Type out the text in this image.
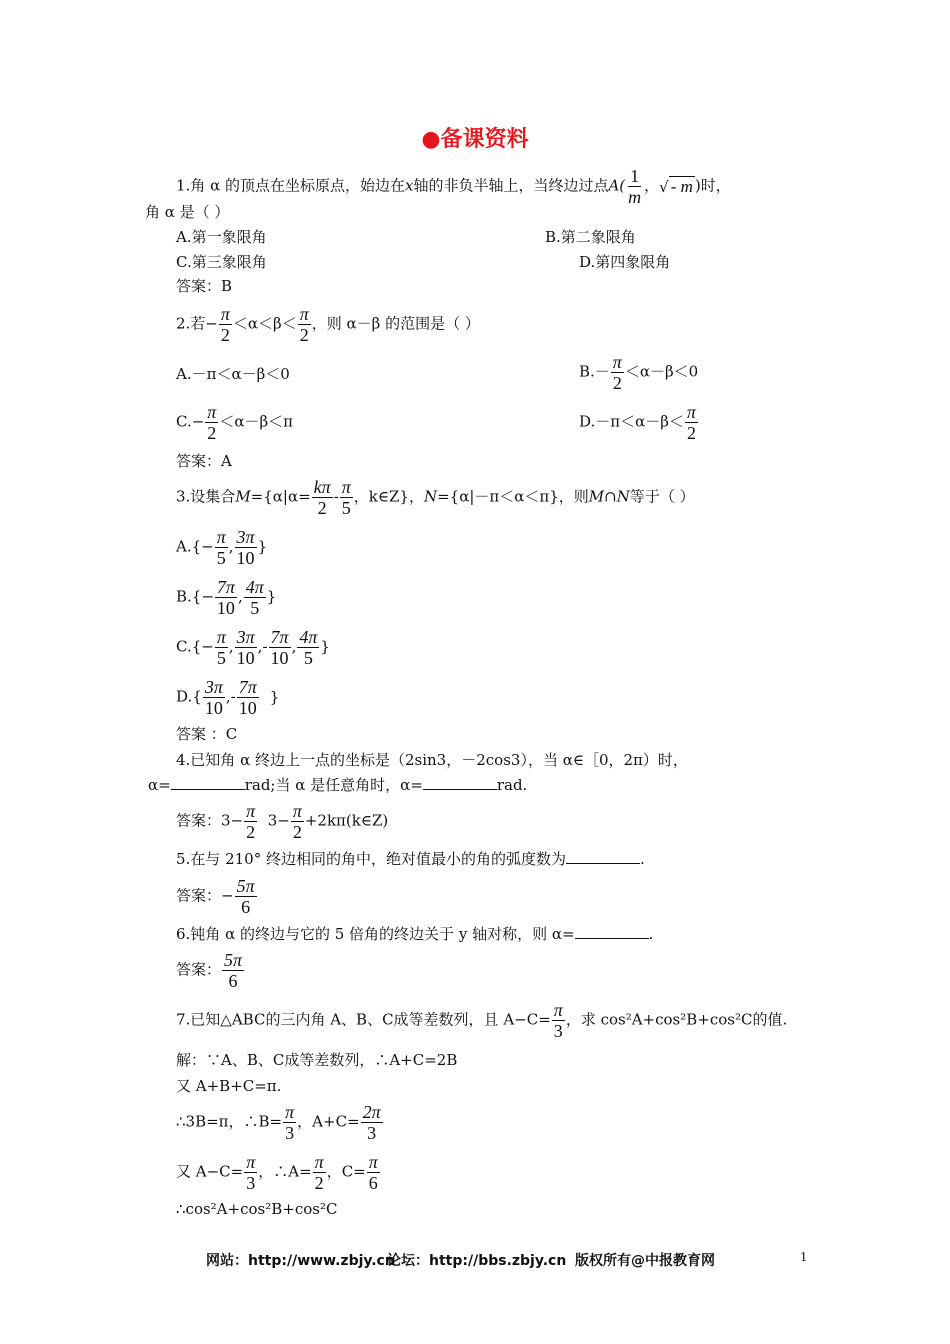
●备课资料
1.角 α 的顶点在坐标原点，始边在x轴的非负半轴上，当终边过点$A( \frac{1}{m}$ ，√ - m )时，
角 α 是（ ）
A.第一象限角	B.第二象限角
C.第三象限角	D.第四象限角
答案：B
2.若− $\frac{\pi}{2} <\alpha<\beta< \frac{\pi}{2}$ ，则 α－β 的范围是（ ）
A.－π＜α－β＜0	$B.- \frac{\pi}{2} <\alpha-\beta<0$
$C.- \frac{\pi}{2} <\alpha-\beta<\pi$	$D.-\pi<\alpha-\beta< \frac{\pi}{2}$
答案：A
3.设集合$M=\{\alpha|\alpha= \frac{k\pi}{2} - \frac{\pi}{5}$ ，k∈Z}，N={α|－π＜α＜π}，则M∩N等于（ ）
$A.\{- \frac{\pi}{5}$ , $\frac{3\pi}{10}$ }
$B.\{- \frac{7\pi}{10}$ , $\frac{4\pi}{5}$ }
$C.\{- \frac{\pi}{5}$ , $\frac{3\pi}{10}$ ,- $\frac{7\pi}{10}$ , $\frac{4\pi}{5}$ }
$D.\{ \frac{3\pi}{10}$ ,- $\frac{7\pi}{10}$ }
答案 ：C
4.已知角 α 终边上一点的坐标是（2sin3，－2cos3），当 α∈［0，2π）时，
α=	rad;当 α 是任意角时，α=	rad.
答案：$3- \frac{\pi}{2} 3- \frac{\pi}{2}$ +2kπ(k∈Z)
5.在与 210° 终边相同的角中，绝对值最小的角的弧度数为	.
答案：− $\frac{5\pi}{6}$
6.钝角 α 的终边与它的 5 倍角的终边关于 y 轴对称，则 α=	.
答案： $\frac{5\pi}{6}$
7.已知△ABC的三内角 A、B、C成等差数列，且 $A-C= \frac{\pi}{3}$ ，求 cos²A+cos²B+cos²C的值.
解：∵A、B、C成等差数列，∴A+C=2B
又 A+B+C=π.
∴3B=π，∴B= $\frac{\pi}{3}$ ，$A+C= \frac{2\pi}{3}$
又 $A-C= \frac{\pi}{3}$ ，∴A= $\frac{\pi}{2}$ ，$C= \frac{\pi}{6}$
∴cos²A+cos²B+cos²C
网站：http://www.zbjy.cn
论坛：http://bbs.zbjy.cn 版权所有@中报教育网	1
